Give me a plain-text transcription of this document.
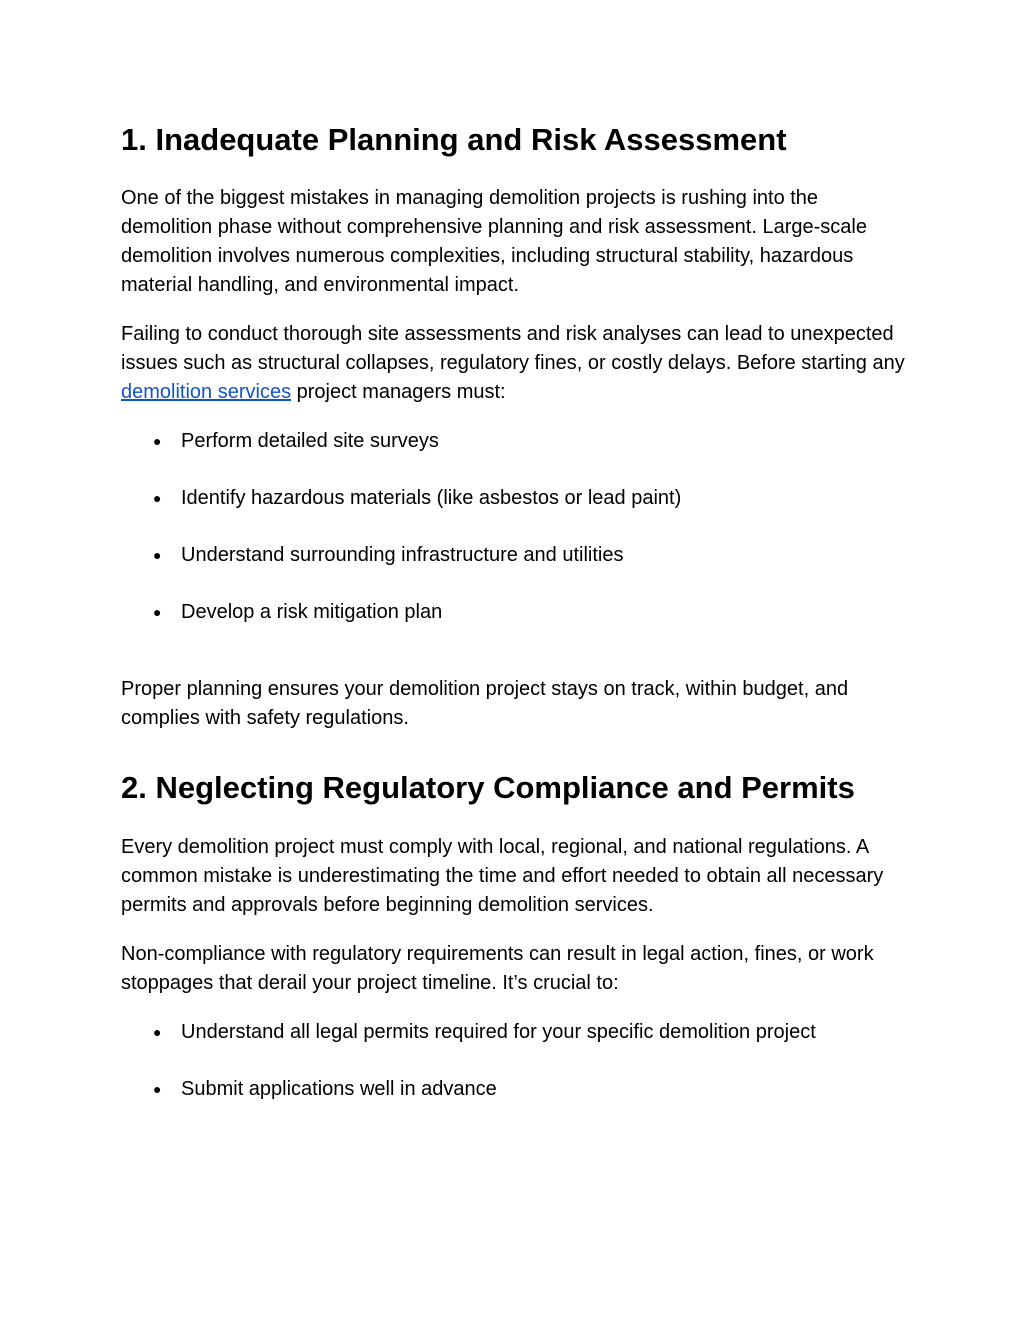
1. Inadequate Planning and Risk Assessment

One of the biggest mistakes in managing demolition projects is rushing into the demolition phase without comprehensive planning and risk assessment. Large-scale demolition involves numerous complexities, including structural stability, hazardous material handling, and environmental impact.

Failing to conduct thorough site assessments and risk analyses can lead to unexpected issues such as structural collapses, regulatory fines, or costly delays. Before starting any demolition services project managers must:

● Perform detailed site surveys
● Identify hazardous materials (like asbestos or lead paint)
● Understand surrounding infrastructure and utilities
● Develop a risk mitigation plan

Proper planning ensures your demolition project stays on track, within budget, and complies with safety regulations.

2. Neglecting Regulatory Compliance and Permits

Every demolition project must comply with local, regional, and national regulations. A common mistake is underestimating the time and effort needed to obtain all necessary permits and approvals before beginning demolition services.

Non-compliance with regulatory requirements can result in legal action, fines, or work stoppages that derail your project timeline. It’s crucial to:

● Understand all legal permits required for your specific demolition project
● Submit applications well in advance
